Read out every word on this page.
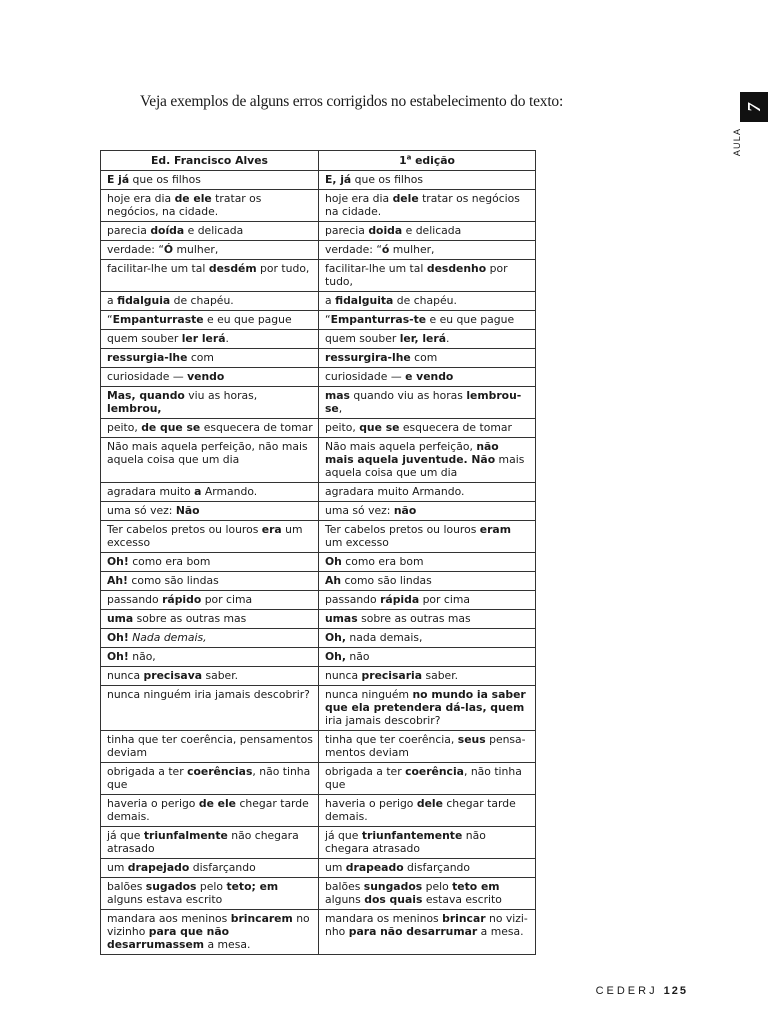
Veja exemplos de alguns erros corrigidos no estabelecimento do texto:	7
AULA
Ed. Francisco Alves	1$^a$ edição
E já que os filhos	E, já que os filhos
hoje era dia de ele tratar os negócios, na cidade.	hoje era dia dele tratar os negócios na cidade.
parecia doída e delicada	parecia doida e delicada
verdade: “Ó mulher,	verdade: “ó mulher,
facilitar-lhe um tal desdém por tudo,	facilitar-lhe um tal desdenho por tudo,
a fidalguia de chapéu.	a fidalguita de chapéu.
“Empanturraste e eu que pague	“Empanturras-te e eu que pague
quem souber ler lerá.	quem souber ler, lerá.
ressurgia-lhe com	ressurgira-lhe com
curiosidade — vendo	curiosidade — e vendo
Mas, quando viu as horas, lembrou,	mas quando viu as horas lembrou-se,
peito, de que se esquecera de tomar	peito, que se esquecera de tomar
Não mais aquela perfeição, não mais aquela coisa que um dia	Não mais aquela perfeição, não mais aquela juventude. Não mais aquela coisa que um dia
agradara muito a Armando.	agradara muito Armando.
uma só vez: Não	uma só vez: não
Ter cabelos pretos ou louros era um excesso	Ter cabelos pretos ou louros eram um excesso
Oh! como era bom	Oh como era bom
Ah! como são lindas	Ah como são lindas
passando rápido por cima	passando rápida por cima
uma sobre as outras mas	umas sobre as outras mas
Oh! Nada demais,	Oh, nada demais,
Oh! não,	Oh, não
nunca precisava saber.	nunca precisaria saber.
nunca ninguém iria jamais descobrir?	nunca ninguém no mundo ia saber que ela pretendera dá-las, quem iria jamais descobrir?
tinha que ter coerência, pensamentos deviam	tinha que ter coerência, seus pensa-mentos deviam
obrigada a ter coerências, não tinha que	obrigada a ter coerência, não tinha que
haveria o perigo de ele chegar tarde demais.	haveria o perigo dele chegar tarde demais.
já que triunfalmente não chegara atrasado	já que triunfantemente não chegara atrasado
um drapejado disfarçando	um drapeado disfarçando
balões sugados pelo teto; em alguns estava escrito	balões sungados pelo teto em alguns dos quais estava escrito
mandara aos meninos brincarem no vizinho para que não desarrumassem a mesa.	mandara os meninos brincar no vizi-nho para não desarrumar a mesa.
CEDERJ 125
